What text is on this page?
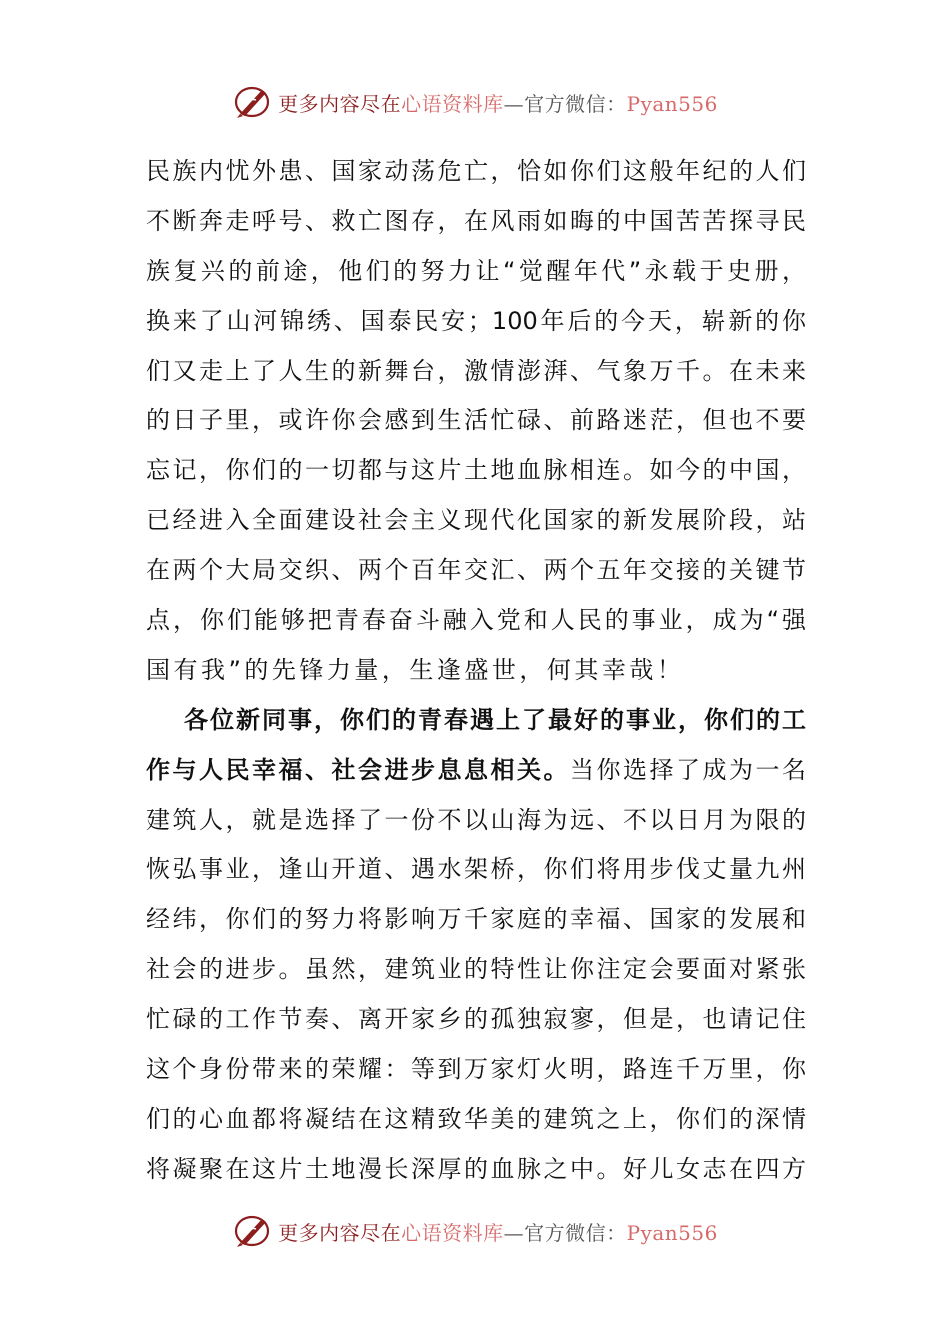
更多内容尽在心语资料库—官方微信：Pyan556
民族内忧外患、国家动荡危亡，恰如你们这般年纪的人们
不断奔走呼号、救亡图存，在风雨如晦的中国苦苦探寻民
族复兴的前途，他们的努力让“觉醒年代”永载于史册，
换来了山河锦绣、国泰民安；100年后的今天，崭新的你
们又走上了人生的新舞台，激情澎湃、气象万千。在未来
的日子里，或许你会感到生活忙碌、前路迷茫，但也不要
忘记，你们的一切都与这片土地血脉相连。如今的中国，
已经进入全面建设社会主义现代化国家的新发展阶段，站
在两个大局交织、两个百年交汇、两个五年交接的关键节
点，你们能够把青春奋斗融入党和人民的事业，成为“强
国有我”的先锋力量，生逢盛世，何其幸哉！
各位新同事，你们的青春遇上了最好的事业，你们的工
作与人民幸福、社会进步息息相关。当你选择了成为一名
建筑人，就是选择了一份不以山海为远、不以日月为限的
恢弘事业，逢山开道、遇水架桥，你们将用步伐丈量九州
经纬，你们的努力将影响万千家庭的幸福、国家的发展和
社会的进步。虽然，建筑业的特性让你注定会要面对紧张
忙碌的工作节奏、离开家乡的孤独寂寥，但是，也请记住
这个身份带来的荣耀：等到万家灯火明，路连千万里，你
们的心血都将凝结在这精致华美的建筑之上，你们的深情
将凝聚在这片土地漫长深厚的血脉之中。好儿女志在四方
更多内容尽在心语资料库—官方微信：Pyan556
